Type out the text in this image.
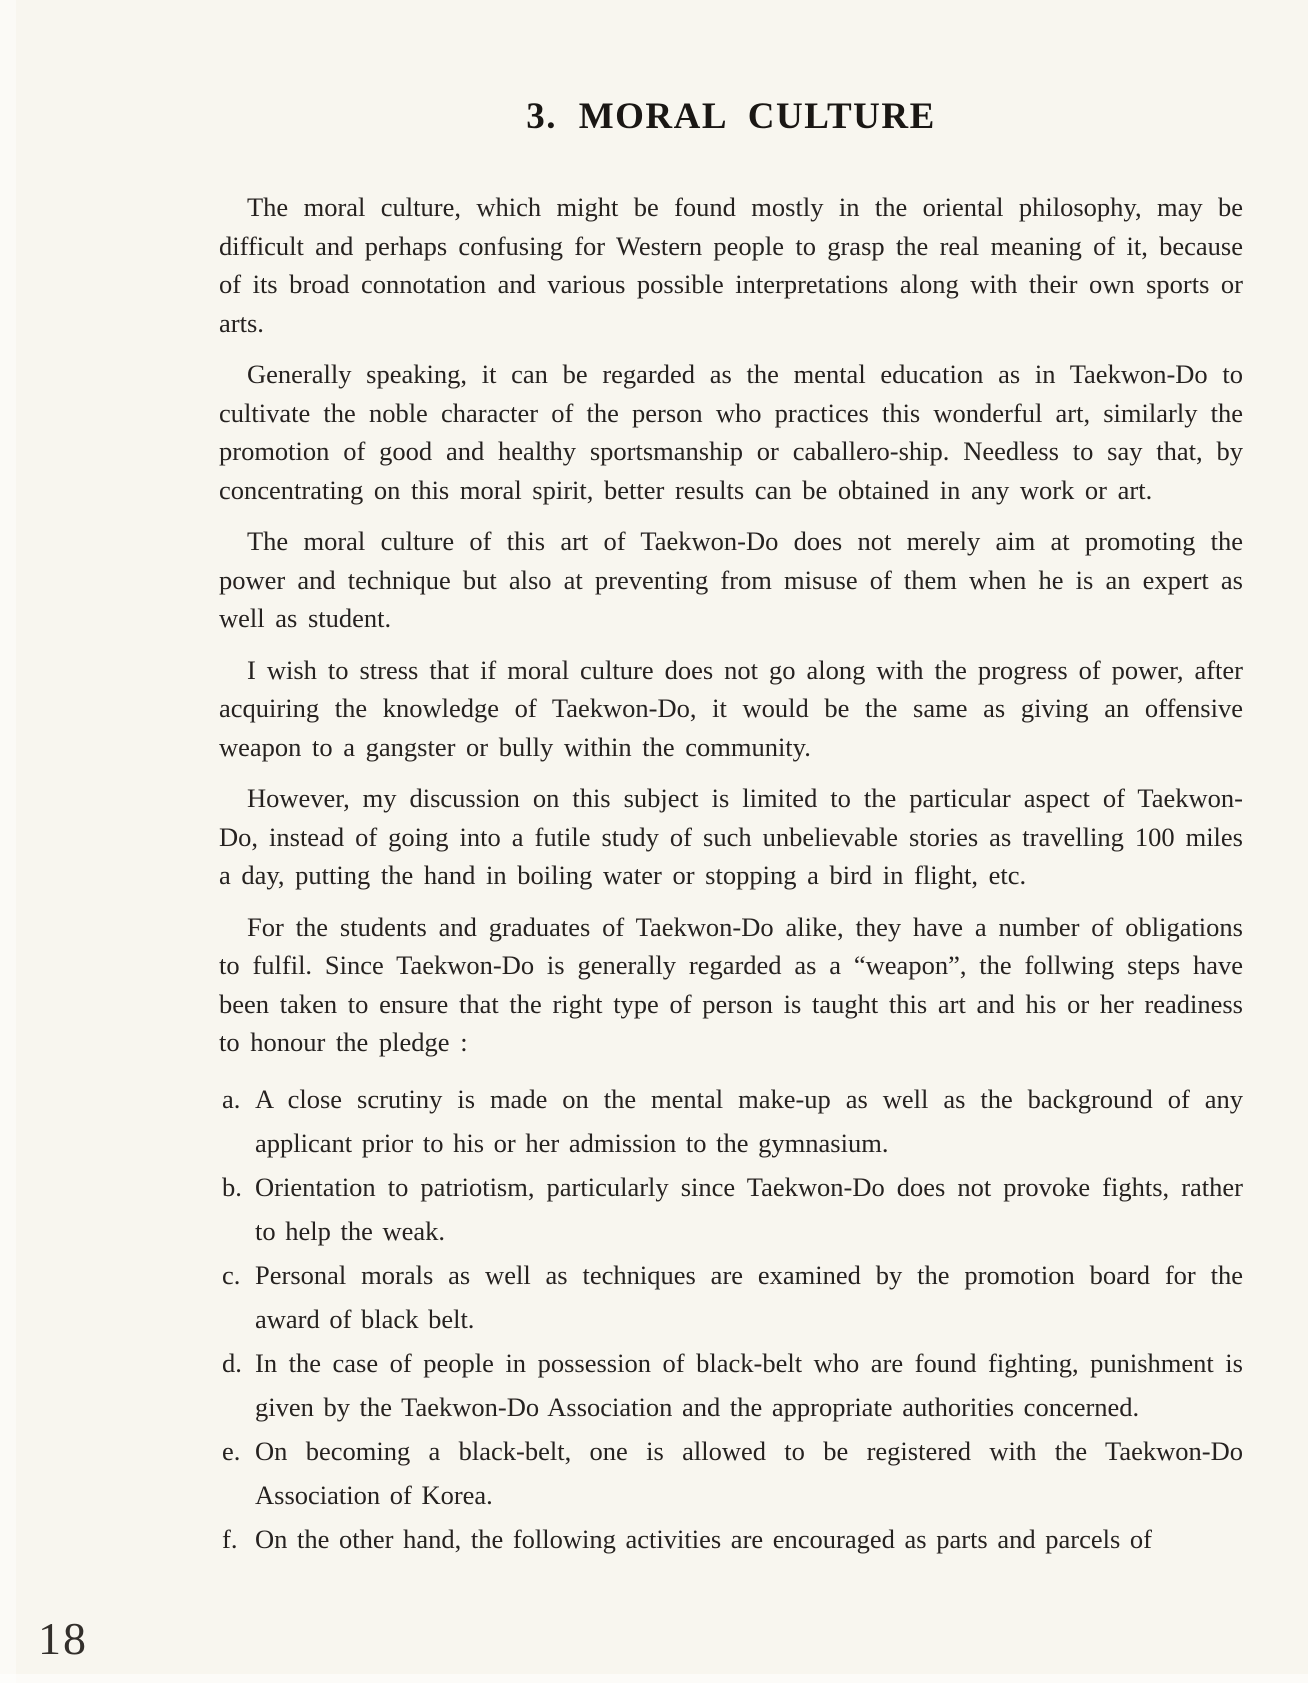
3. MORAL CULTURE

The moral culture, which might be found mostly in the oriental philosophy, may be difficult and perhaps confusing for Western people to grasp the real meaning of it, because of its broad connotation and various possible interpretations along with their own sports or arts.

Generally speaking, it can be regarded as the mental education as in Taekwon-Do to cultivate the noble character of the person who practices this wonderful art, similarly the promotion of good and healthy sportsmanship or caballero-ship. Needless to say that, by concentrating on this moral spirit, better results can be obtained in any work or art.

The moral culture of this art of Taekwon-Do does not merely aim at promoting the power and technique but also at preventing from misuse of them when he is an expert as well as student.

I wish to stress that if moral culture does not go along with the progress of power, after acquiring the knowledge of Taekwon-Do, it would be the same as giving an offensive weapon to a gangster or bully within the community.

However, my discussion on this subject is limited to the particular aspect of Taekwon-Do, instead of going into a futile study of such unbelievable stories as travelling 100 miles a day, putting the hand in boiling water or stopping a bird in flight, etc.

For the students and graduates of Taekwon-Do alike, they have a number of obligations to fulfil. Since Taekwon-Do is generally regarded as a “weapon”, the follwing steps have been taken to ensure that the right type of person is taught this art and his or her readiness to honour the pledge :

a. A close scrutiny is made on the mental make-up as well as the background of any applicant prior to his or her admission to the gymnasium.
b. Orientation to patriotism, particularly since Taekwon-Do does not provoke fights, rather to help the weak.
c. Personal morals as well as techniques are examined by the promotion board for the award of black belt.
d. In the case of people in possession of black-belt who are found fighting, punishment is given by the Taekwon-Do Association and the appropriate authorities concerned.
e. On becoming a black-belt, one is allowed to be registered with the Taekwon-Do Association of Korea.
f. On the other hand, the following activities are encouraged as parts and parcels of
18
